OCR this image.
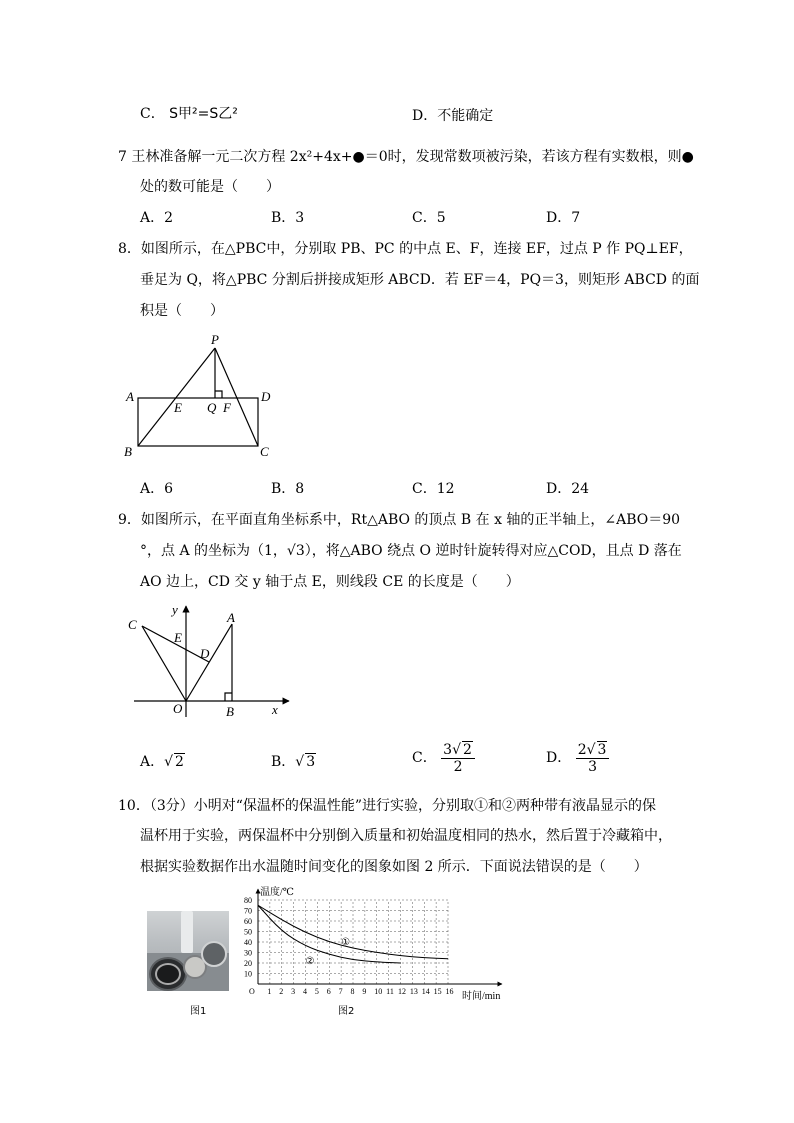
C． S甲²=S乙²	D．不能确定
7 王林准备解一元二次方程 2x²+4x+●＝0时，发现常数项被污染，若该方程有实数根，则●
处的数可能是（　　）
A．2	B．3	C．5	D．7
8．如图所示，在△PBC中，分别取 PB、PC 的中点 E、F，连接 EF，过点 P 作 PQ⊥EF，
垂足为 Q，将△PBC 分割后拼接成矩形 ABCD．若 EF＝4，PQ＝3，则矩形 ABCD 的面
积是（　　）
P
A	D
E Q F
B	C
A．6	B．8	C．12	D．24
9．如图所示，在平面直角坐标系中，Rt△ABO 的顶点 B 在 x 轴的正半轴上，∠ABO＝90
°，点 A 的坐标为（1，√3），将△ABO 绕点 O 逆时针旋转得对应△COD，且点 D 落在
AO 边上，CD 交 y 轴于点 E，则线段 CE 的长度是（　　）
y
C
E
A
D
O	B	x
A．√ 2	B．√ 3	C． $\frac{3√ 2}{2}$	D． $\frac{2√ 3}{3}$
10．（3分）小明对“保温杯的保温性能”进行实验，分别取①和②两种带有液晶显示的保
温杯用于实验，两保温杯中分别倒入质量和初始温度相同的热水，然后置于冷藏箱中，
根据实验数据作出水温随时间变化的图象如图 2 所示．下面说法错误的是（　　）
图1
10
20
30
40
50
60
70
80
O 1 2 3 4 5 6 7 8 9 10 11 12 13 14 15 16
①
②
温度/℃
时间/min
图2
